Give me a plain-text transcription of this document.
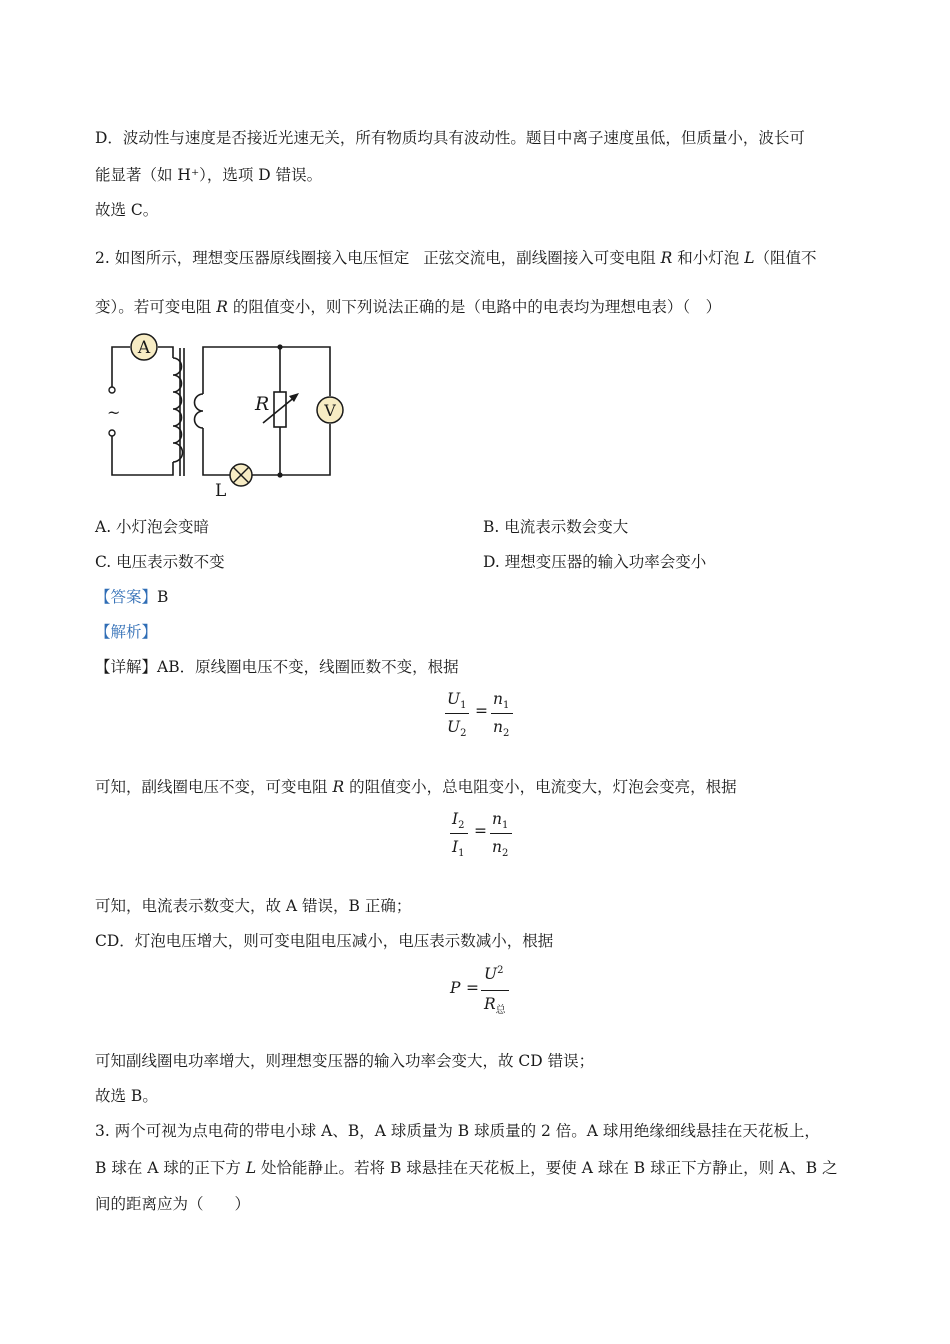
D．波动性与速度是否接近光速无关，所有物质均具有波动性。题目中离子速度虽低，但质量小，波长可
能显著（如 H⁺），选项 D 错误。
故选 C。
2. 如图所示，理想变压器原线圈接入电压恒定 正弦交流电，副线圈接入可变电阻 R 和小灯泡 L（阻值不
变）。若可变电阻 R 的阻值变小，则下列说法正确的是（电路中的电表均为理想电表）（　）
~
A
V
R
L
A. 小灯泡会变暗	B. 电流表示数会变大
C. 电压表示数不变	D. 理想变压器的输入功率会变小
【答案】B
【解析】
【详解】AB．原线圈电压不变，线圈匝数不变，根据
$U_1$
$U_2$
=
$n_1$
$n_2$
可知，副线圈电压不变，可变电阻 R 的阻值变小，总电阻变小，电流变大，灯泡会变亮，根据
$I_2$
$I_1$
=
$n_1$
$n_2$
可知，电流表示数变大，故 A 错误，B 正确；
CD．灯泡电压增大，则可变电阻电压减小，电压表示数减小，根据
P =
$U^2$
$R_总$
可知副线圈电功率增大，则理想变压器的输入功率会变大，故 CD 错误；
故选 B。
3. 两个可视为点电荷的带电小球 A、B，A 球质量为 B 球质量的 2 倍。A 球用绝缘细线悬挂在天花板上，
B 球在 A 球的正下方 L 处恰能静止。若将 B 球悬挂在天花板上，要使 A 球在 B 球正下方静止，则 A、B 之
间的距离应为（　　）
